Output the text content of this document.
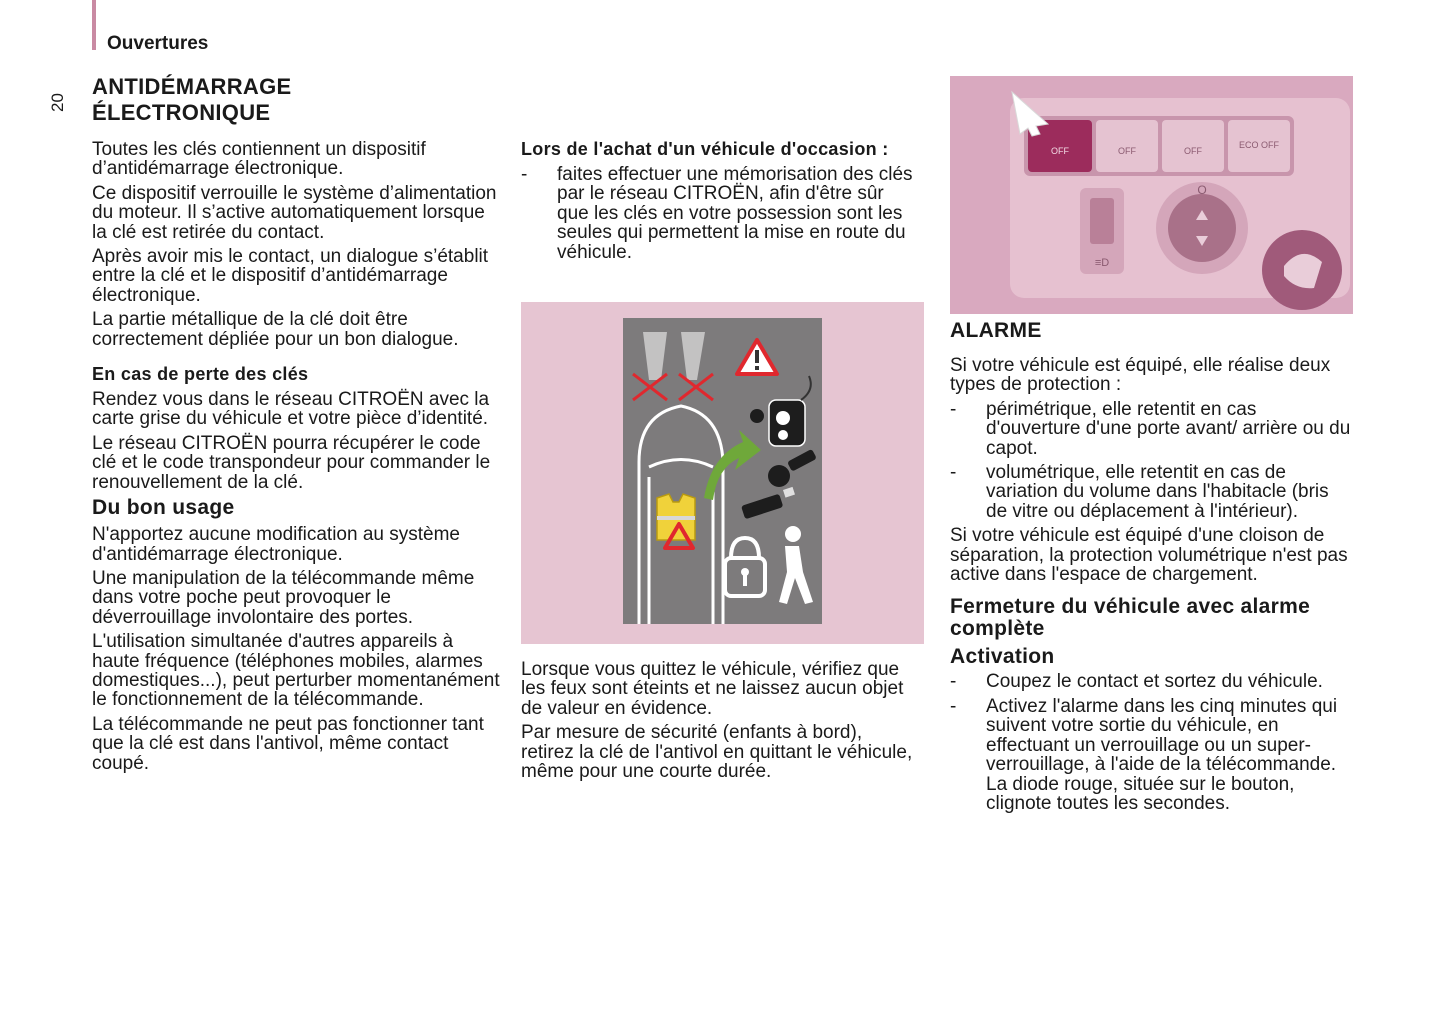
Ouvertures
20
ANTIDÉMARRAGE
ÉLECTRONIQUE

Toutes les clés contiennent un dispositif d’antidémarrage électronique.

Ce dispositif verrouille le système d’alimentation du moteur. Il s’active automatiquement lorsque la clé est retirée du contact.

Après avoir mis le contact, un dialogue s’établit entre la clé et le dispositif d’antidémarrage électronique.

La partie métallique de la clé doit être correctement dépliée pour un bon dialogue.

En cas de perte des clés

Rendez vous dans le réseau CITROËN avec la carte grise du véhicule et votre pièce d’identité.

Le réseau CITROËN pourra récupérer le code clé et le code transpondeur pour commander le renouvellement de la clé.

Du bon usage

N'apportez aucune modification au système d'antidémarrage électronique.

Une manipulation de la télécommande même dans votre poche peut provoquer le déverrouillage involontaire des portes.

L'utilisation simultanée d'autres appareils à haute fréquence (téléphones mobiles, alarmes domestiques...), peut perturber momentanément le fonctionnement de la télécommande.

La télécommande ne peut pas fonctionner tant que la clé est dans l'antivol, même contact coupé.

Lors de l'achat d'un véhicule d'occasion :
- faites effectuer une mémorisation des clés par le réseau CITROËN, afin d'être sûr que les clés en votre possession sont les seules qui permettent la mise en route du véhicule.

Lorsque vous quittez le véhicule, vérifiez que les feux sont éteints et ne laissez aucun objet de valeur en évidence.

Par mesure de sécurité (enfants à bord), retirez la clé de l'antivol en quittant le véhicule, même pour une courte durée.

OFF	OFF	OFF
ECO OFF
≡D
O
ALARME

Si votre véhicule est équipé, elle réalise deux types de protection :

- périmétrique, elle retentit en cas d'ouverture d'une porte avant/ arrière ou du capot.
- volumétrique, elle retentit en cas de variation du volume dans l'habitacle (bris de vitre ou déplacement à l'intérieur).

Si votre véhicule est équipé d'une cloison de séparation, la protection volumétrique n'est pas active dans l'espace de chargement.

Fermeture du véhicule avec alarme complète
Activation
- Coupez le contact et sortez du véhicule.
- Activez l'alarme dans les cinq minutes qui suivent votre sortie du véhicule, en effectuant un verrouillage ou un super-verrouillage, à l'aide de la télécommande. La diode rouge, située sur le bouton, clignote toutes les secondes.
